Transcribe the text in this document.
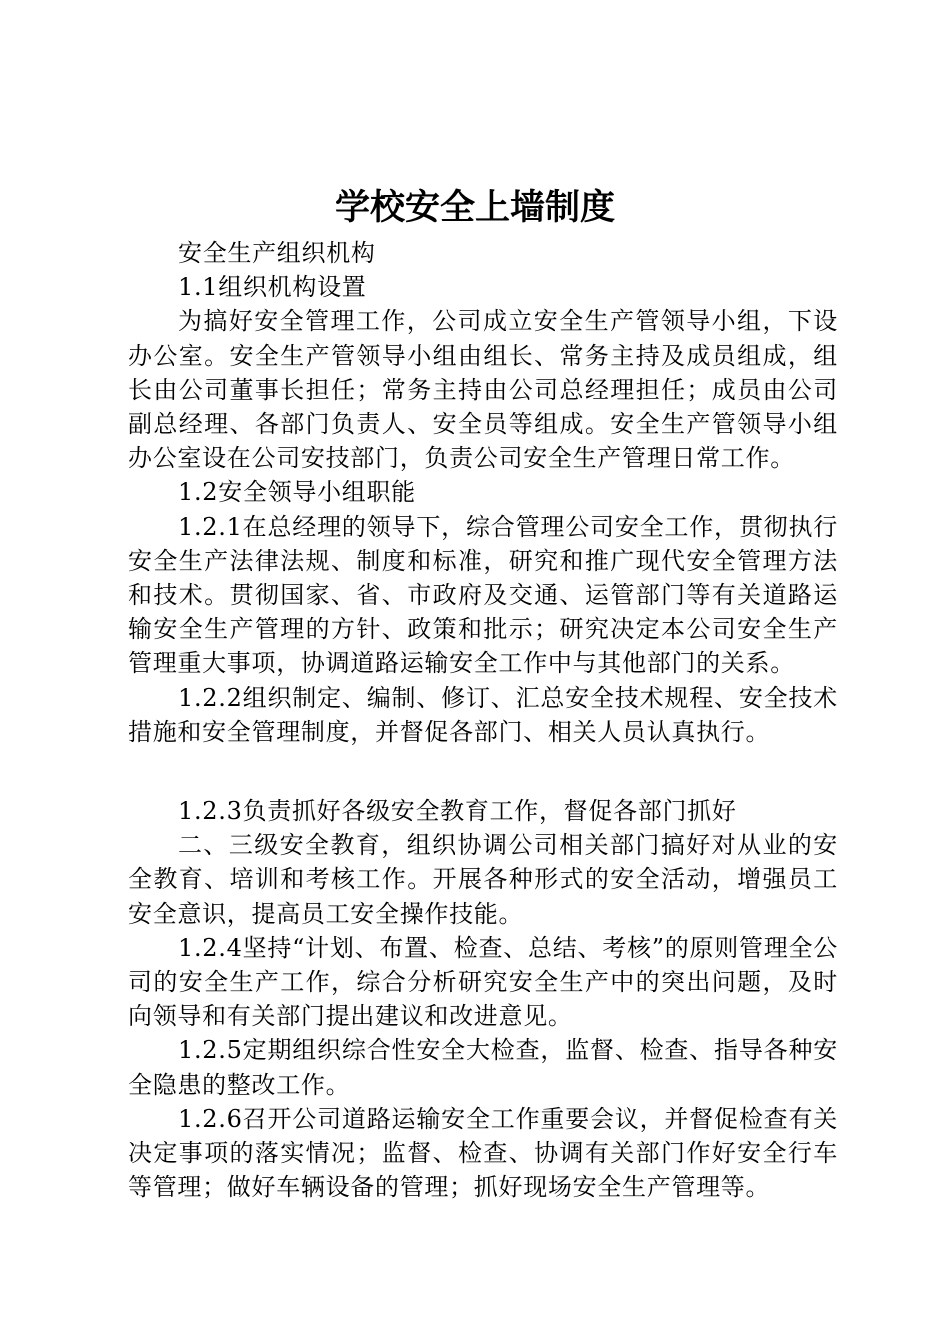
学校安全上墙制度

安全生产组织机构

1.1组织机构设置

为搞好安全管理工作，公司成立安全生产管领导小组，下设办公室。安全生产管领导小组由组长、常务主持及成员组成，组长由公司董事长担任；常务主持由公司总经理担任；成员由公司副总经理、各部门负责人、安全员等组成。安全生产管领导小组办公室设在公司安技部门，负责公司安全生产管理日常工作。

1.2安全领导小组职能

1.2.1在总经理的领导下，综合管理公司安全工作，贯彻执行安全生产法律法规、制度和标准，研究和推广现代安全管理方法和技术。贯彻国家、省、市政府及交通、运管部门等有关道路运输安全生产管理的方针、政策和批示；研究决定本公司安全生产管理重大事项，协调道路运输安全工作中与其他部门的关系。

1.2.2组织制定、编制、修订、汇总安全技术规程、安全技术措施和安全管理制度，并督促各部门、相关人员认真执行。

1.2.3负责抓好各级安全教育工作，督促各部门抓好

二、三级安全教育，组织协调公司相关部门搞好对从业的安全教育、培训和考核工作。开展各种形式的安全活动，增强员工安全意识，提高员工安全操作技能。

1.2.4坚持“计划、布置、检查、总结、考核”的原则管理全公司的安全生产工作，综合分析研究安全生产中的突出问题，及时向领导和有关部门提出建议和改进意见。

1.2.5定期组织综合性安全大检查，监督、检查、指导各种安全隐患的整改工作。

1.2.6召开公司道路运输安全工作重要会议，并督促检查有关决定事项的落实情况；监督、检查、协调有关部门作好安全行车等管理；做好车辆设备的管理；抓好现场安全生产管理等。
